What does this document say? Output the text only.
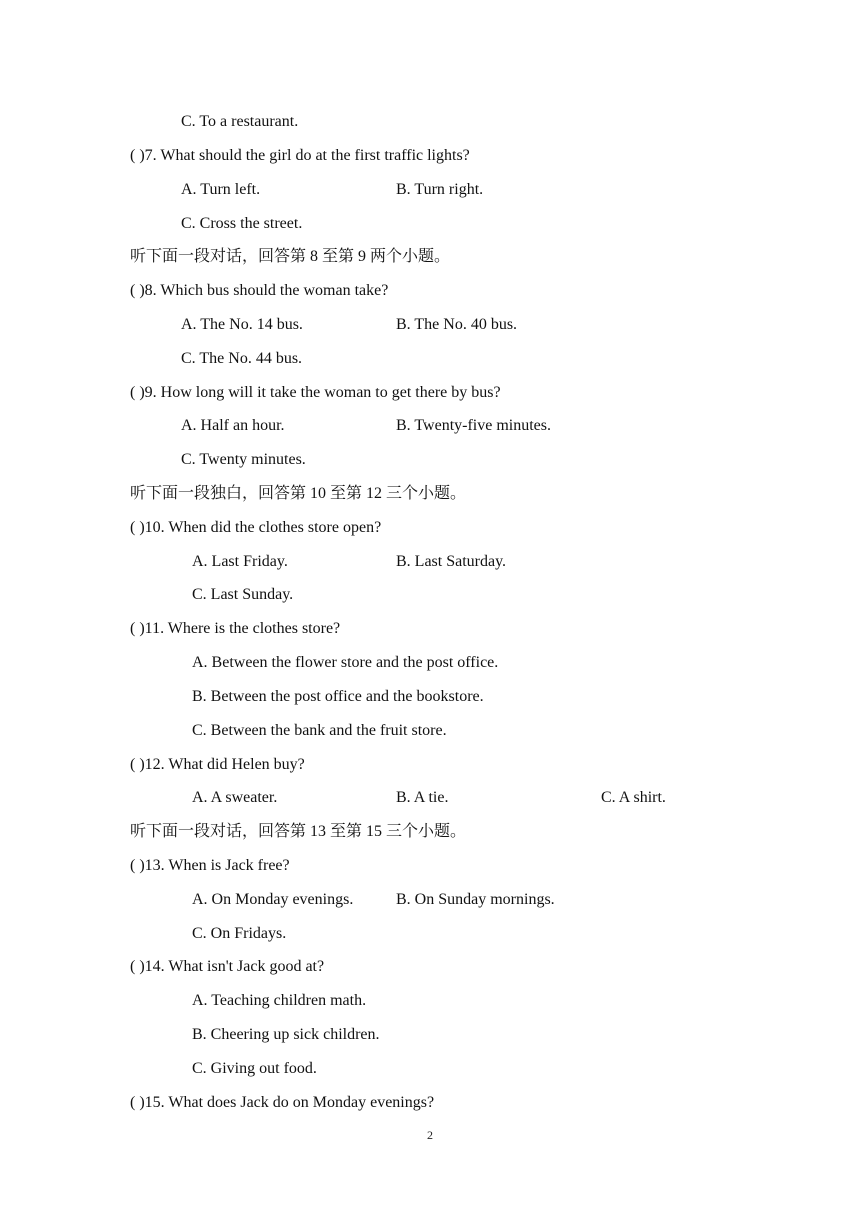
C. To a restaurant.
( )7. What should the girl do at the first traffic lights?
A. Turn left.	B. Turn right.
C. Cross the street.
听下面一段对话，回答第 8 至第 9 两个小题。
( )8. Which bus should the woman take?
A. The No. 14 bus.	B. The No. 40 bus.
C. The No. 44 bus.
( )9. How long will it take the woman to get there by bus?
A. Half an hour.	B. Twenty-five minutes.
C. Twenty minutes.
听下面一段独白，回答第 10 至第 12 三个小题。
( )10. When did the clothes store open?
A. Last Friday.	B. Last Saturday.
C. Last Sunday.
( )11. Where is the clothes store?
A. Between the flower store and the post office.
B. Between the post office and the bookstore.
C. Between the bank and the fruit store.
( )12. What did Helen buy?
A. A sweater.	B. A tie.	C. A shirt.
听下面一段对话，回答第 13 至第 15 三个小题。
( )13. When is Jack free?
A. On Monday evenings.	B. On Sunday mornings.
C. On Fridays.
( )14. What isn't Jack good at?
A. Teaching children math.
B. Cheering up sick children.
C. Giving out food.
( )15. What does Jack do on Monday evenings?
2
